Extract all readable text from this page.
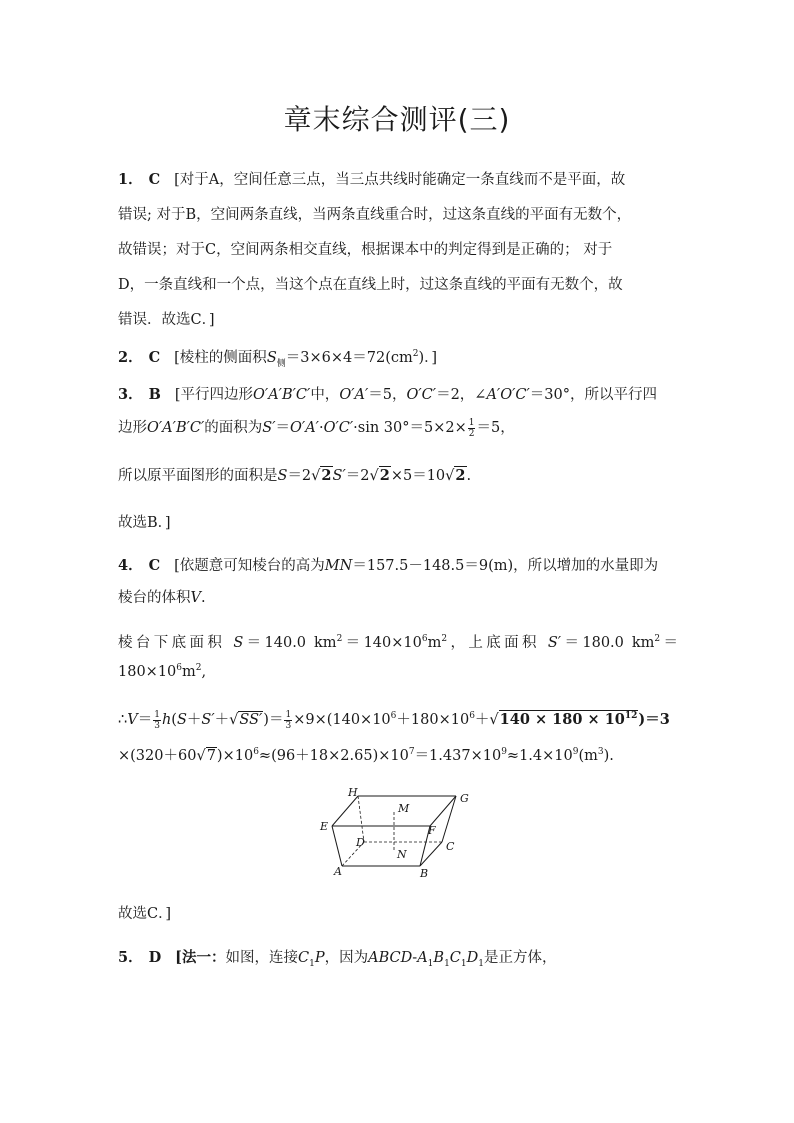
章末综合测评(三)
1． C [对于A，空间任意三点，当三点共线时能确定一条直线而不是平面，故
错误; 对于B，空间两条直线，当两条直线重合时，过这条直线的平面有无数个，
故错误；对于C，空间两条相交直线，根据课本中的判定得到是正确的； 对于
D，一条直线和一个点，当这个点在直线上时，过这条直线的平面有无数个，故
错误．故选C．]
2． C [棱柱的侧面积$S_侧=3\times 6\times 4=72(cm^2)$．]
3． B [平行四边形O′A′B′C′中，O′A′＝5，O′C′＝2，∠A′O′C′＝30°，所以平行四
边形O′A′B′C′的面积为S′＝O′A′·O′C′·sin $30^\circ=5\times 2\times \frac{1}{2} =5$，
所以原平面图形的面积是S＝2√2S′＝2√2×5＝10√2.
故选B．]
4． C [依题意可知棱台的高为MN＝157.5－148.5＝9(m)，所以增加的水量即为
棱台的体积V.
棱台下底面积 S＝140.0 $km^2=140\times 10^6m^2$，上底面积 S′＝180.0 $km^2=$
$180\times 10^6m^2$,
∴V＝ $\frac{1}{3} h(S+S'+√SS')= \frac{1}{3} \times 9\times(140\times 10^6+180\times 10^6+√140 \times 180 \times 10^{12})=3$
$\times(320+60√7)\times 10^6\approx(96+18\times 2.65)\times 10^7=1.437\times 10^9\approx 1.4\times 10^9(m^3)$.
H	G
M
E	F
D	C
N
A	B
故选C．]
5． D [法一：如图，连接$C_1P$，因为ABCD-$A_1B_1C_1D_1$是正方体，
